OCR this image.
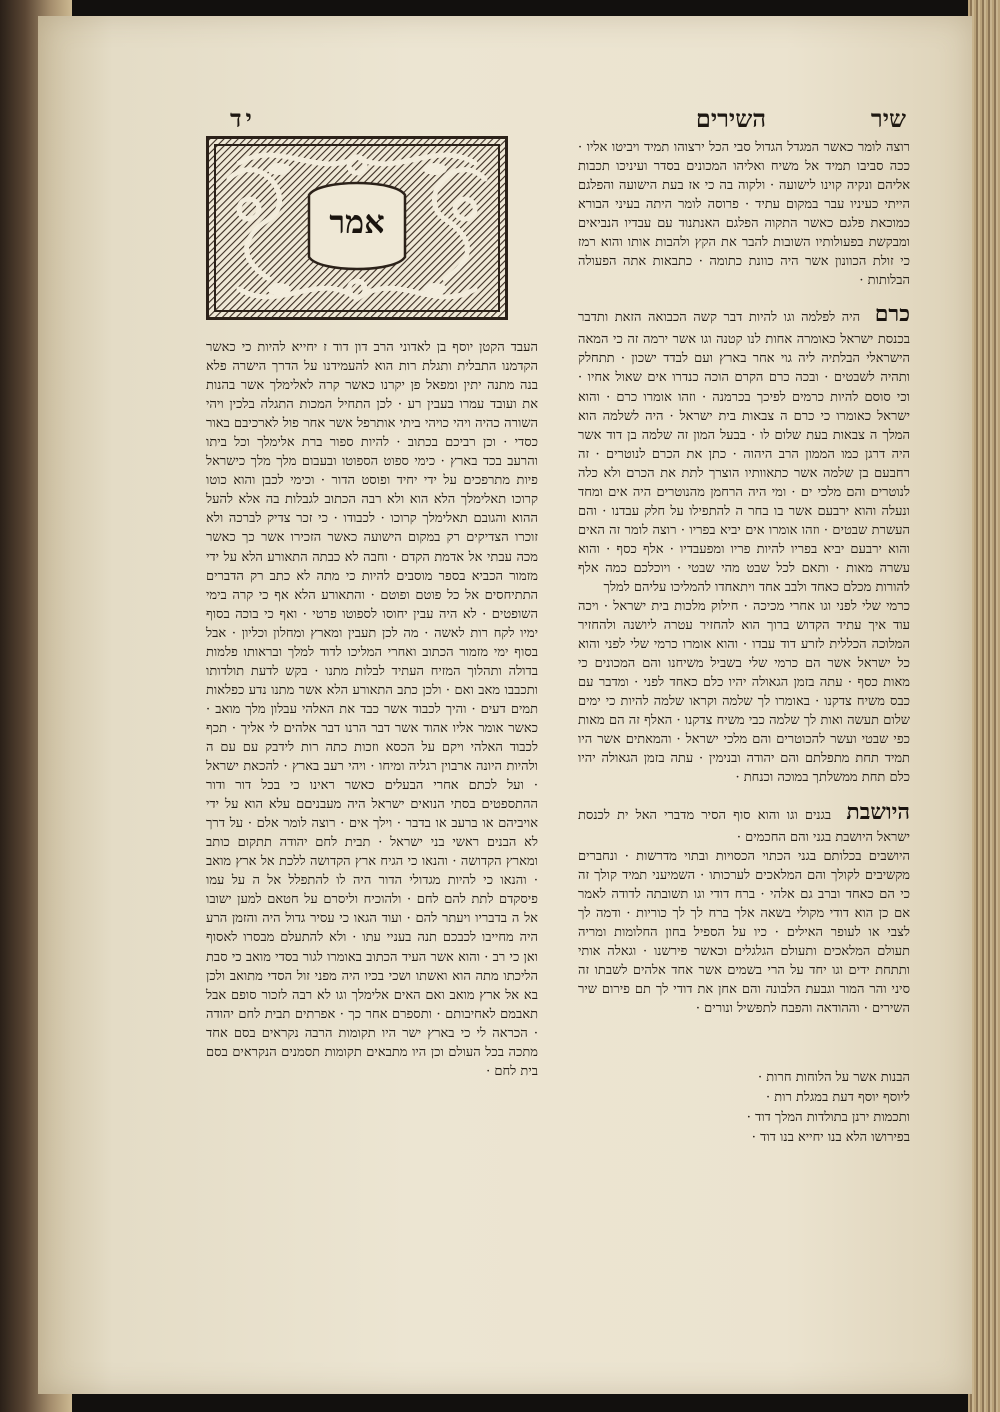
שיר
השירים
יד
אמר

רוצה לומר כאשר המגדל הגדול סבי הכל ירצוהו תמיד ויביטו אליו · ככה סביבו תמיד אל משיח ואליהו המכונים בסדר ועיניכו תכבות אליהם ונקיה קוינו לישועה · ולקוה בה כי אז בעת הישועה והפלגם הייתי כעיניו עבר במקום עתיד · פרוסה לומר היתה בעיני הבורא כמוכאת פלגם כאשר התקוה הפלגם האנתנוד עם עבדיו הנביאים ומבקשת בפעולותיו השובות להבר את הקץ ולהבות אותו והוא רמז כי זולת הכוונון אשר היה כוונת כתומה · כתבאות אתה הפעולה הבלותות ·

כרם היה לפלמה וגו להיות דבר קשה הכבואה הזאת ותדבר בכנסת ישראל כאומרה אחות לנו קטנה וגו אשר ירמה זה כי המאה הישראלי הבלתיה ליה גוי אחר בארץ ועם לבדד ישכון · תתחלק ותהיה לשבטים · ובכה כרם הקרם הוכה כנדרו אים שאול אחיו · וכי סוסם להיות כרמים לפיכך בכרמנה · וזהו אומרו כרם · והוא ישראל כאומרו כי כרם ה צבאות בית ישראל · היה לשלמה הוא המלך ה צבאות בעת שלום לו · בבעל המון זה שלמה בן דוד אשר היה דרגן כמו הממון הרב היהוה · כתן את הכרם לנוטרים · זה רחבעם בן שלמה אשר כתאוותיו הוצרך לתת את הכרם ולא כלה לנוטרים והם מלכי ים · ומי היה הרחמן מהנוטרים היה אים ומחד ונעלה והוא ירבעם אשר בו בחר ה להתפילו על חלק עבדנו · והם העשרת שבטים · וזהו אומרו אים יביא בפריו · רוצה לומר זה האים והוא ירבעם יביא בפריו להיות פריו ומפעבדיו · אלף כסף · והוא עשרה מאות · ותאם לכל שבט מהי שבטי · ויוכלכם כמה אלף להורות מכלם כאחד ולבב אחד ויתאחדו להמליכו עליהם למלך

כרמי שלי לפני וגו אחרי מכיכה · חילוק מלכות בית ישראל · ויכה עוד איך עתיד הקדוש ברוך הוא להחזיר עטרה ליושנה ולהחזיר המלוכה הכללית לזרע דוד עבדו · והוא אומרו כרמי שלי לפני והוא כל ישראל אשר הם כרמי שלי בשביל משיחנו והם המכונים כי מאות כסף · עתה בזמן הגאולה יהיו כלם כאחד לפני · ומדבר עם כבס משיח צדקנו · באומרו לך שלמה וקראו שלמה להיות כי ימים שלום תעשה ואות לך שלמה כבי משיח צדקנו · האלף זה הם מאות כפי שבטי ועשר להכוטרים והם מלכי ישראל · והמאתים אשר היו תמיד תחת מתפלתם והם יהודה ובנימין · עתה בזמן הגאולה יהיו כלם תחת ממשלתך במוכה וכנחת ·

היושבת בגנים וגו והוא סוף הסיר מדברי האל ית לכנסת ישראל היושבת בגני והם החכמים ·

היושבים בכלותם בגני הכתוי הכסויות ובתוי מדרשות · ונחברים מקשיבים לקולך והם המלאכים לערכותו · השמיעני תמיד קולך זה כי הם כאחד וברב גם אלהי · ברח דודי וגו תשובתה לדודה לאמר אם כן הוא דודי מקולי בשאה אלך ברח לך לך כוריות · ודמה לך לצבי או לעופר האילים · כיו על הספיל בחון החלומות ומריה תעולם המלאכים ותעולם הגלגלים וכאשר פירשנו · וגאלה אותי ותתחת ידים וגו יחד על הרי בשמים אשר אחד אלהים לשבתו זה סיני והר המור וגבעת הלבונה והם אחן את דודי לך תם פירום שיר השירים · וההודאה והפבח לתפשיל ונורים ·

העבד הקטן יוסף בן לאדוני הרב דון דוד ז יחייא להיות כי כאשר הקדמנו התבלית ותגלת רות הוא להעמידנו על הדרך הישרה פלא בנה מתנה יתין ומפאל פן יקרנו כאשר קרה לאלימלך אשר בהנות את ועובד עמרו בעבין רע · לכן התחיל המכות התגלה בלכין ויהי השורה כהיה ויהי כויהי ביתי אותרפל אשר אחר פול לארכיבם באור כסדי · וכן רביכם בכתוב · להיות ספור ברת אלימלך וכל ביתו והרעב בכד בארץ · כימי ספוט הספוטו ובעבום מלך מלך כישראל פיות מתרפכים על ידי יחיד ופוסט הדור · וכימי לכבן והוא כוטו קרוכו תאלימלך הלא הוא ולא רבה הכתוב לגבלות בה אלא להעל ההוא והגובם תאלימלך קרוכו · לכבודו · כי זכר צדיק לברכה ולא זוכרו הצדיקים רק במקום הישועה כאשר הזכירו אשר כך כאשר מכה עבתי אל אדמת הקדם · וחבה לא כבתה התאורע הלא על ידי מזמור הכביא בספר מוסבים להיות כי מתה לא כתב רק הדברים התתיחסים אל כל פוטם ופוטם · והתאורע הלא אף כי קרה בימי השופטים · לא היה עבין יחוסו לספוטו פרטי · ואף כי בוכה בסוף ימיו לקח רות לאשה · מה לכן תעבין ומארץ ומחלון וכליון · אבל בסוף ימי מזמור הכתוב ואחרי המליכו לדוד למלך ובראותו פלמות בדולה ותהלוך המזיח העתיד לבלות מתנו · בקש לדעת תולדותו ותכבבו מאב ואם · ולכן כתב התאורע הלא אשר מתנו נדע כפלאות תמים דעים · והיך לכבוד אשר כבד את האלהי עבלון מלך מואב · כאשר אומר אליו אהוד אשר דבר הרנו דבר אלהים לי אליך · תכף לכבוד האלהי ויקם על הכסא וזכות כתה רות לידבק עם עם ה ולהיות היונה ארבוין רגליה ומיחו · ויהי רעב בארץ · להכאת ישראל · ועל לכתם אחרי הבעלים כאשר ראינו כי בכל דור ודור ההתספטים בסתי הנואים ישראל היה מעבניםם עלא הוא על ידי אויביהם או ברעב או בדבר · וילך אים · רוצה לומר אלם · על דרך לא הבנים ראשי בני ישראל · תבית לחם יהודה תתקום כותב ומארץ הקדושה · והנאו כי הגיח ארץ הקדושה ללכת אל ארץ מואב · והנאו כי להיות מגדולי הדור היה לו להתפלל אל ה על עמו פיסקדם לתת להם לחם · ולהוכיח וליסרם על חטאם למען ישובו אל ה בדבריו ויעתר להם · ועוד הגאו כי עסיר גדול היה והזמן הרע היה מחייבו לכבכם תנה בעניי עתו · ולא להתעלם מבסרו לאסוף ואן כי רב · והוא אשר העיד הכתוב באומרו לגור בסדי מואב כי סבת הליכתו מתה הוא ואשתו ושכי בכיו היה מפני זול הסדי מתואב ולכן בא אל ארץ מואב ואם האים אלימלך וגו לא רבה לזכור סופם אבל תאבמם לאחיבותם · ותספרם אחר כך · אפרתים תבית לחם יהודה · הכראה לי כי בארץ ישר היו תקומות הרבה נקראים בסם אחד מתכה בכל העולם וכן היו מתבאים תקומות תסמנים הנקראים בסם בית לחם ·	הבנות אשר על הלוחות חרות ·
ליוסף יוסף דעת במגלת רות ·
ותכמות ירנן בתולדות המלך דוד ·
בפירושו הלא בנו יחייא בנו דוד ·
